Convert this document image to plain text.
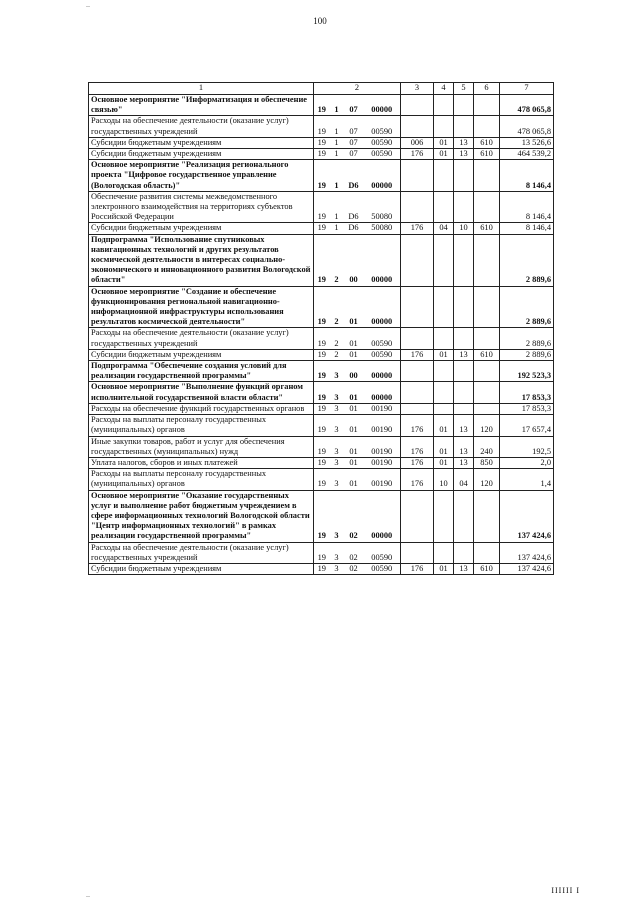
..
100
1	2				3	4	5	6	7
Основное мероприятие "Информатизация и обеспечение связью"	19	1	07	00000					478 065,8
Расходы на обеспечение деятельности (оказание услуг) государственных учреждений	19	1	07	00590					478 065,8
Субсидии бюджетным учреждениям	19	1	07	00590	006	01	13	610	13 526,6
Субсидии бюджетным учреждениям	19	1	07	00590	176	01	13	610	464 539,2
Основное мероприятие "Реализация регионального проекта "Цифровое государственное управление (Вологодская область)"	19	1	D6	00000					8 146,4
Обеспечение развития системы межведомственного электронного взаимодействия на территориях субъектов Российской Федерации	19	1	D6	50080					8 146,4
Субсидии бюджетным учреждениям	19	1	D6	50080	176	04	10	610	8 146,4
Подпрограмма "Использование спутниковых навигационных технологий и других результатов космической деятельности в интересах социально-экономического и инновационного развития Вологодской области"	19	2	00	00000					2 889,6
Основное мероприятие "Создание и обеспечение функционирования региональной навигационно-информационной инфраструктуры использования результатов космической деятельности"	19	2	01	00000					2 889,6
Расходы на обеспечение деятельности (оказание услуг) государственных учреждений	19	2	01	00590					2 889,6
Субсидии бюджетным учреждениям	19	2	01	00590	176	01	13	610	2 889,6
Подпрограмма "Обеспечение создания условий для реализации государственной программы"	19	3	00	00000					192 523,3
Основное мероприятие "Выполнение функций органом исполнительной государственной власти области"	19	3	01	00000					17 853,3
Расходы на обеспечение функций государственных органов	19	3	01	00190					17 853,3
Расходы на выплаты персоналу государственных (муниципальных) органов	19	3	01	00190	176	01	13	120	17 657,4
Иные закупки товаров, работ и услуг для обеспечения государственных (муниципальных) нужд	19	3	01	00190	176	01	13	240	192,5
Уплата налогов, сборов и иных платежей	19	3	01	00190	176	01	13	850	2,0
Расходы на выплаты персоналу государственных (муниципальных) органов	19	3	01	00190	176	10	04	120	1,4
Основное мероприятие "Оказание государственных услуг и выполнение работ бюджетным учреждением в сфере информационных технологий Вологодской области "Центр информационных технологий" в рамках реализации государственной программы"	19	3	02	00000					137 424,6
Расходы на обеспечение деятельности (оказание услуг) государственных учреждений	19	3	02	00590					137 424,6
Субсидии бюджетным учреждениям	19	3	02	00590	176	01	13	610	137 424,6
..	IIIIII I
